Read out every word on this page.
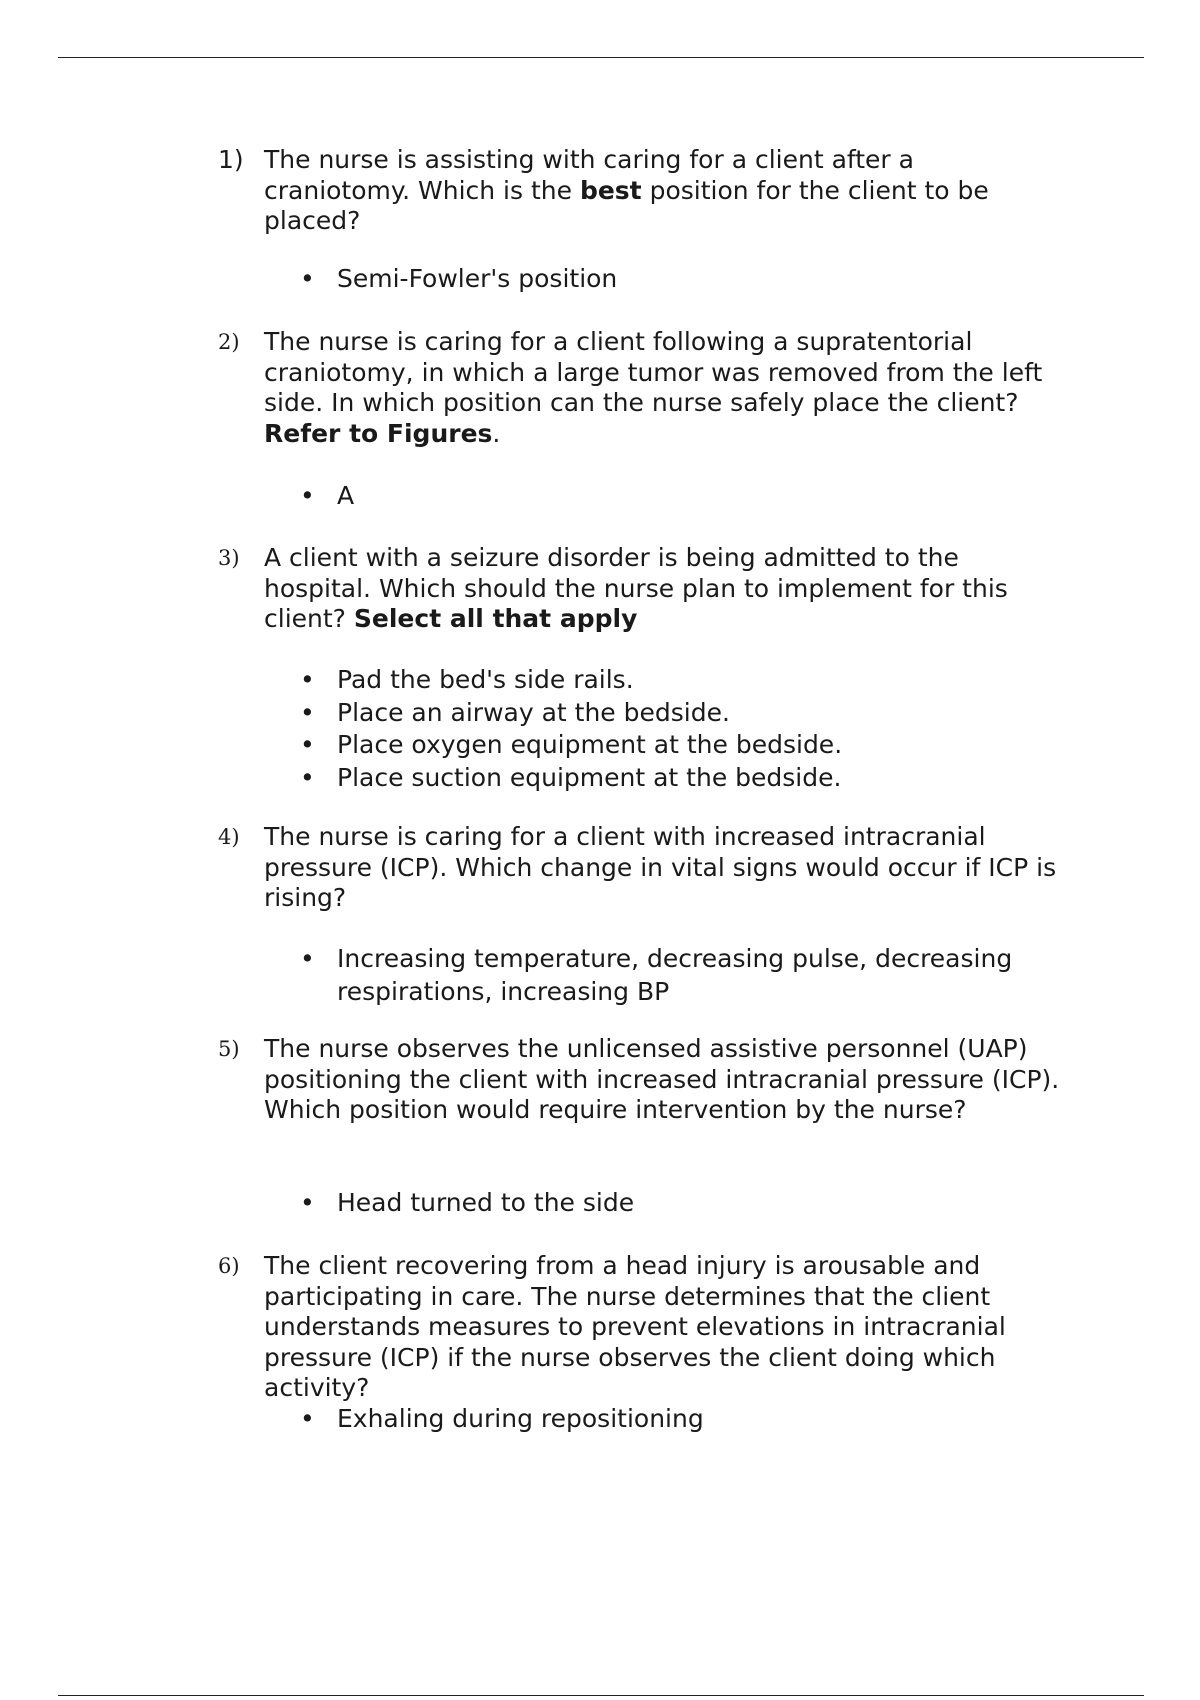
1) The nurse is assisting with caring for a client after a craniotomy. Which is the best position for the client to be placed?
• Semi-Fowler's position
2) The nurse is caring for a client following a supratentorial craniotomy, in which a large tumor was removed from the left side. In which position can the nurse safely place the client? Refer to Figures.
• A
3) A client with a seizure disorder is being admitted to the hospital. Which should the nurse plan to implement for this client? Select all that apply
• Pad the bed's side rails.
• Place an airway at the bedside.
• Place oxygen equipment at the bedside.
• Place suction equipment at the bedside.
4) The nurse is caring for a client with increased intracranial pressure (ICP). Which change in vital signs would occur if ICP is rising?
• Increasing temperature, decreasing pulse, decreasing respirations, increasing BP
5) The nurse observes the unlicensed assistive personnel (UAP) positioning the client with increased intracranial pressure (ICP). Which position would require intervention by the nurse?
• Head turned to the side
6) The client recovering from a head injury is arousable and participating in care. The nurse determines that the client understands measures to prevent elevations in intracranial pressure (ICP) if the nurse observes the client doing which activity?
• Exhaling during repositioning
